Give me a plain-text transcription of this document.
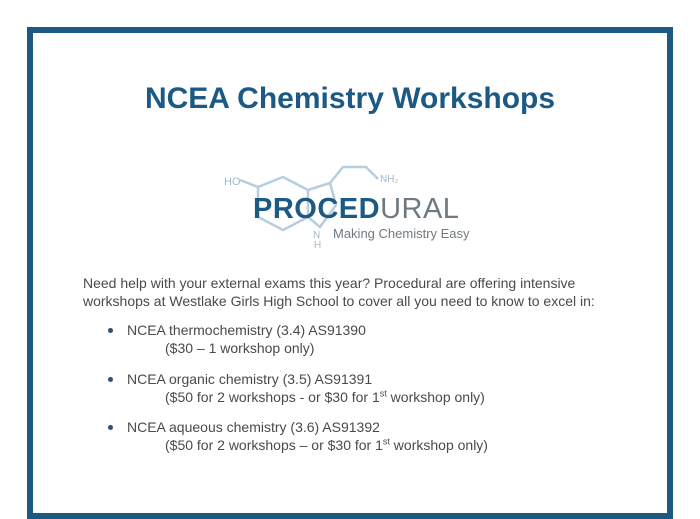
NCEA Chemistry Workshops
HO	NH₂
N
H
PROCEDURAL
Making Chemistry Easy
Need help with your external exams this year? Procedural are offering intensive
workshops at Westlake Girls High School to cover all you need to know to excel in:
NCEA thermochemistry (3.4) AS91390
($30 – 1 workshop only)
NCEA organic chemistry (3.5) AS91391
($50 for 2 workshops - or $30 for 1st workshop only)
NCEA aqueous chemistry (3.6) AS91392
($50 for 2 workshops – or $30 for 1st workshop only)
